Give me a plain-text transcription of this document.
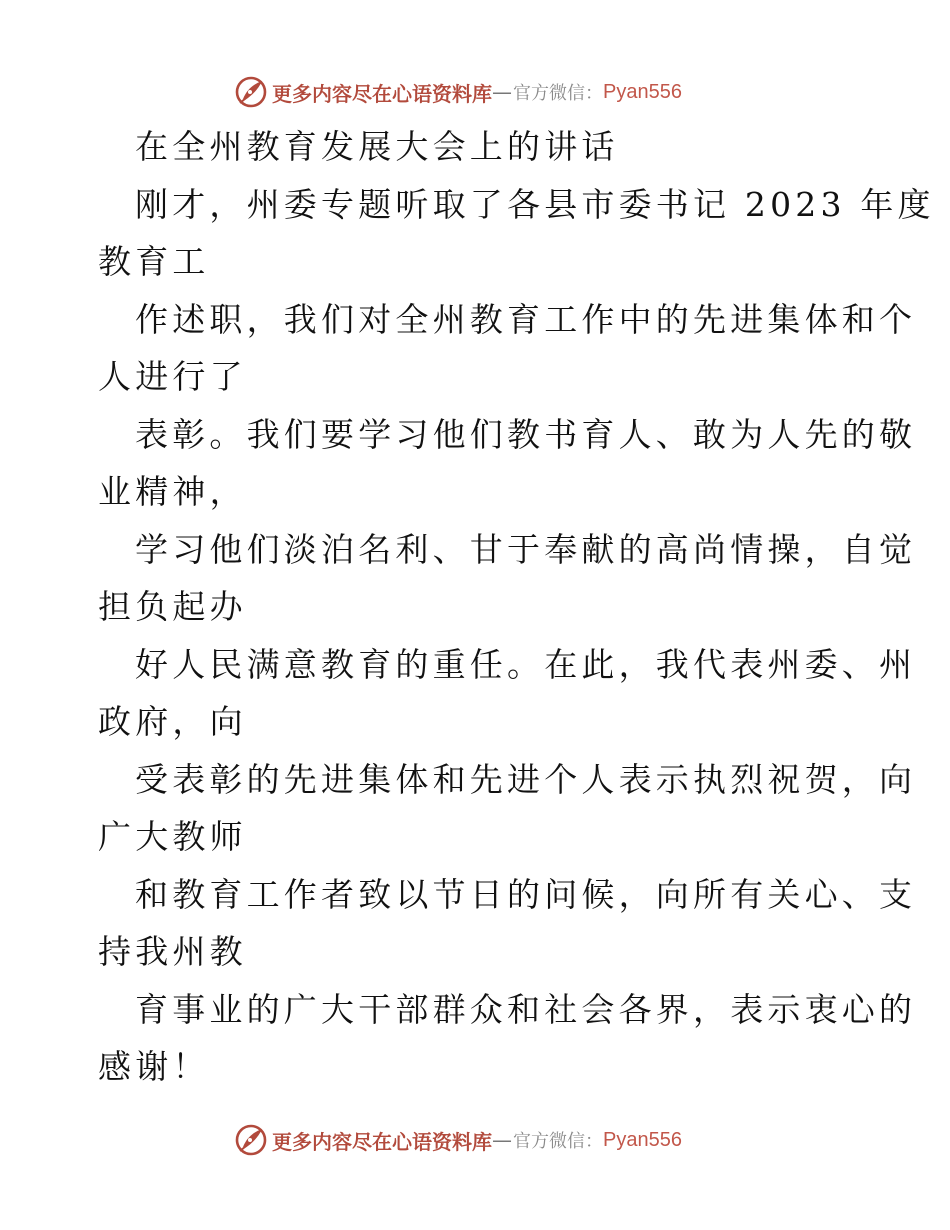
更多内容尽在心语资料库 — 官方微信： Pyan556
在全州教育发展大会上的讲话
刚才，州委专题听取了各县市委书记 2023 年度
教育工
作述职，我们对全州教育工作中的先进集体和个
人进行了
表彰。我们要学习他们教书育人、敢为人先的敬
业精神，
学习他们淡泊名利、甘于奉献的高尚情操，自觉
担负起办
好人民满意教育的重任。在此，我代表州委、州
政府，向
受表彰的先进集体和先进个人表示执烈祝贺，向
广大教师
和教育工作者致以节日的问候，向所有关心、支
持我州教
育事业的广大干部群众和社会各界，表示衷心的
感谢！
更多内容尽在心语资料库 — 官方微信： Pyan556
